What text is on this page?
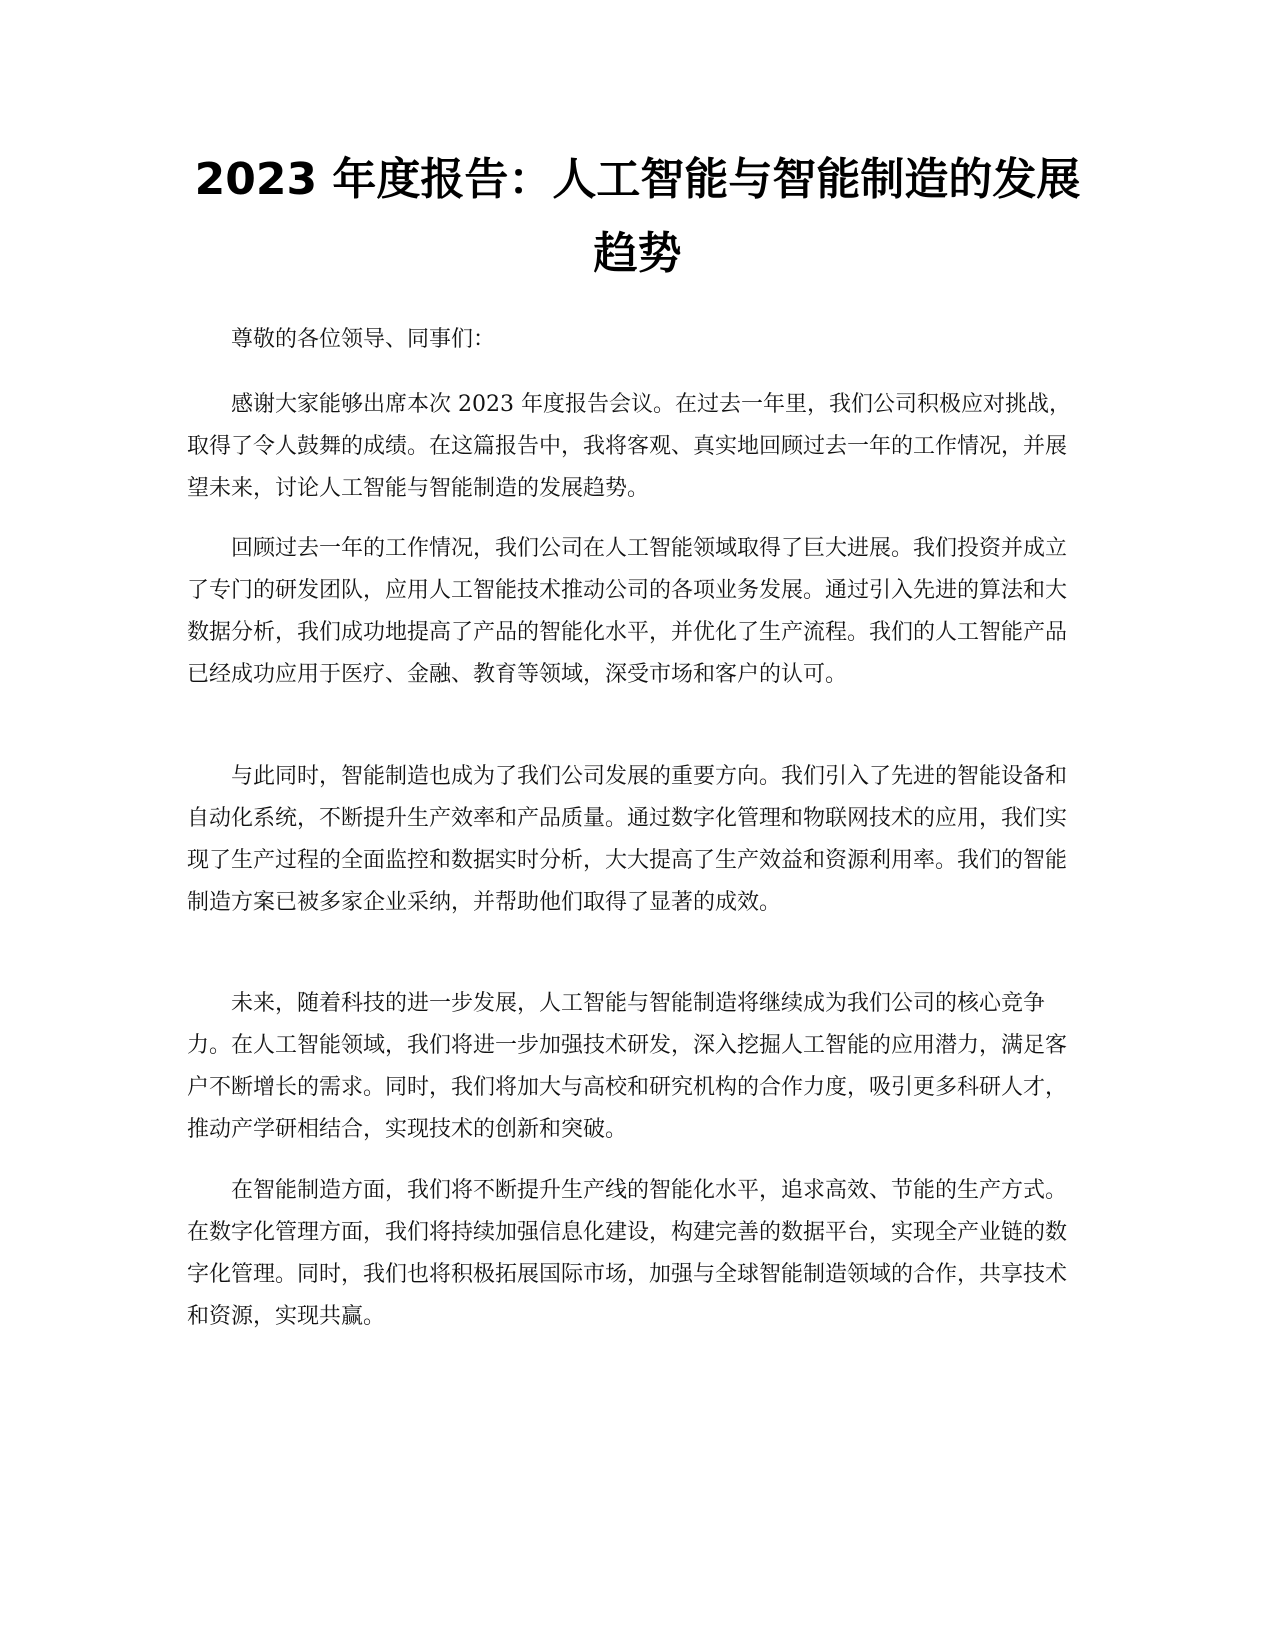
2023 年度报告：人工智能与智能制造的发展
趋势

尊敬的各位领导、同事们：

感谢大家能够出席本次 2023 年度报告会议。在过去一年里，我们公司积极应对挑战，取得了令人鼓舞的成绩。在这篇报告中，我将客观、真实地回顾过去一年的工作情况，并展望未来，讨论人工智能与智能制造的发展趋势。

回顾过去一年的工作情况，我们公司在人工智能领域取得了巨大进展。我们投资并成立了专门的研发团队，应用人工智能技术推动公司的各项业务发展。通过引入先进的算法和大数据分析，我们成功地提高了产品的智能化水平，并优化了生产流程。我们的人工智能产品已经成功应用于医疗、金融、教育等领域，深受市场和客户的认可。

与此同时，智能制造也成为了我们公司发展的重要方向。我们引入了先进的智能设备和自动化系统，不断提升生产效率和产品质量。通过数字化管理和物联网技术的应用，我们实现了生产过程的全面监控和数据实时分析，大大提高了生产效益和资源利用率。我们的智能制造方案已被多家企业采纳，并帮助他们取得了显著的成效。

未来，随着科技的进一步发展，人工智能与智能制造将继续成为我们公司的核心竞争力。在人工智能领域，我们将进一步加强技术研发，深入挖掘人工智能的应用潜力，满足客户不断增长的需求。同时，我们将加大与高校和研究机构的合作力度，吸引更多科研人才，推动产学研相结合，实现技术的创新和突破。

在智能制造方面，我们将不断提升生产线的智能化水平，追求高效、节能的生产方式。在数字化管理方面，我们将持续加强信息化建设，构建完善的数据平台，实现全产业链的数字化管理。同时，我们也将积极拓展国际市场，加强与全球智能制造领域的合作，共享技术和资源，实现共赢。
